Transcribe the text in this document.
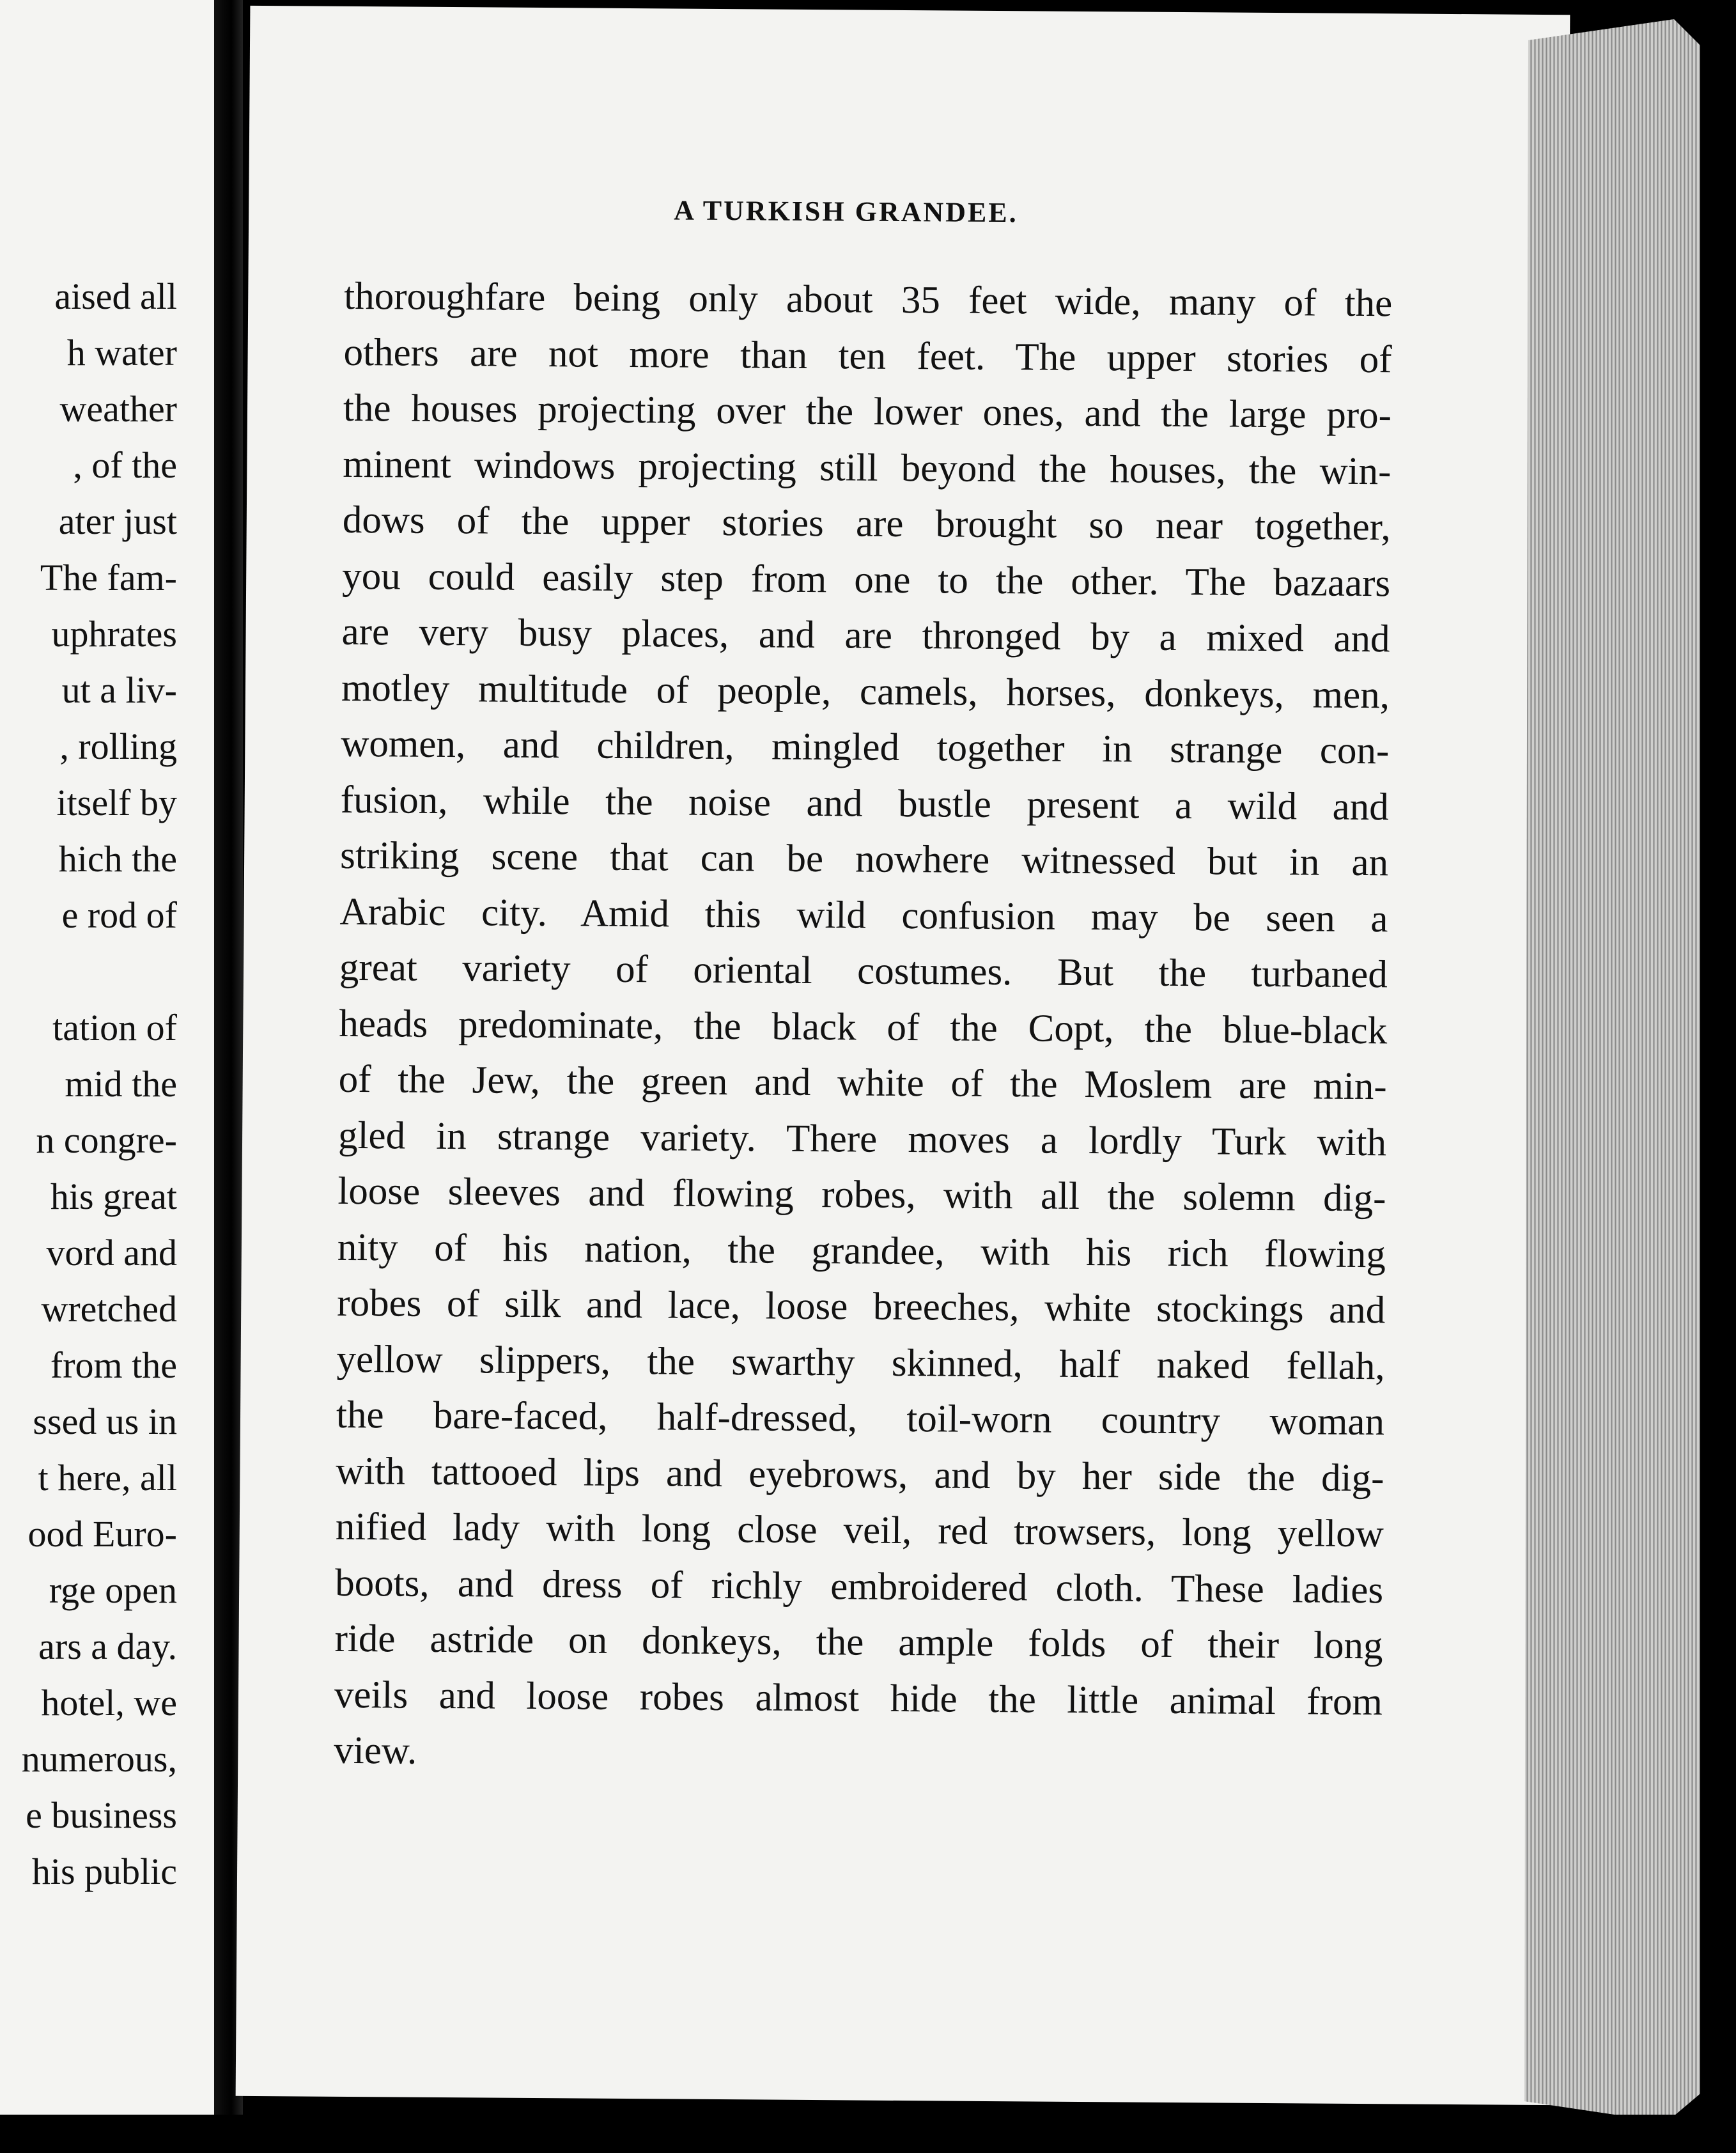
aised all
h water
weather
, of the
ater just
The fam-
uphrates
ut a liv-
, rolling
itself by
hich the
e rod of
tation of
mid the
n congre-
his great
vord and
wretched
from the
ssed us in
t here, all
ood Euro-
rge open
ars a day.
hotel, we
numerous,
e business
his public
A TURKISH GRANDEE.
thoroughfare being only about 35 feet wide, many of the
others are not more than ten feet. The upper stories of
the houses projecting over the lower ones, and the large pro-
minent windows projecting still beyond the houses, the win-
dows of the upper stories are brought so near together,
you could easily step from one to the other. The bazaars
are very busy places, and are thronged by a mixed and
motley multitude of people, camels, horses, donkeys, men,
women, and children, mingled together in strange con-
fusion, while the noise and bustle present a wild and
striking scene that can be nowhere witnessed but in an
Arabic city. Amid this wild confusion may be seen a
great variety of oriental costumes. But the turbaned
heads predominate, the black of the Copt, the blue-black
of the Jew, the green and white of the Moslem are min-
gled in strange variety. There moves a lordly Turk with
loose sleeves and flowing robes, with all the solemn dig-
nity of his nation, the grandee, with his rich flowing
robes of silk and lace, loose breeches, white stockings and
yellow slippers, the swarthy skinned, half naked fellah,
the bare-faced, half-dressed, toil-worn country woman
with tattooed lips and eyebrows, and by her side the dig-
nified lady with long close veil, red trowsers, long yellow
boots, and dress of richly embroidered cloth. These ladies
ride astride on donkeys, the ample folds of their long
veils and loose robes almost hide the little animal from
view.
